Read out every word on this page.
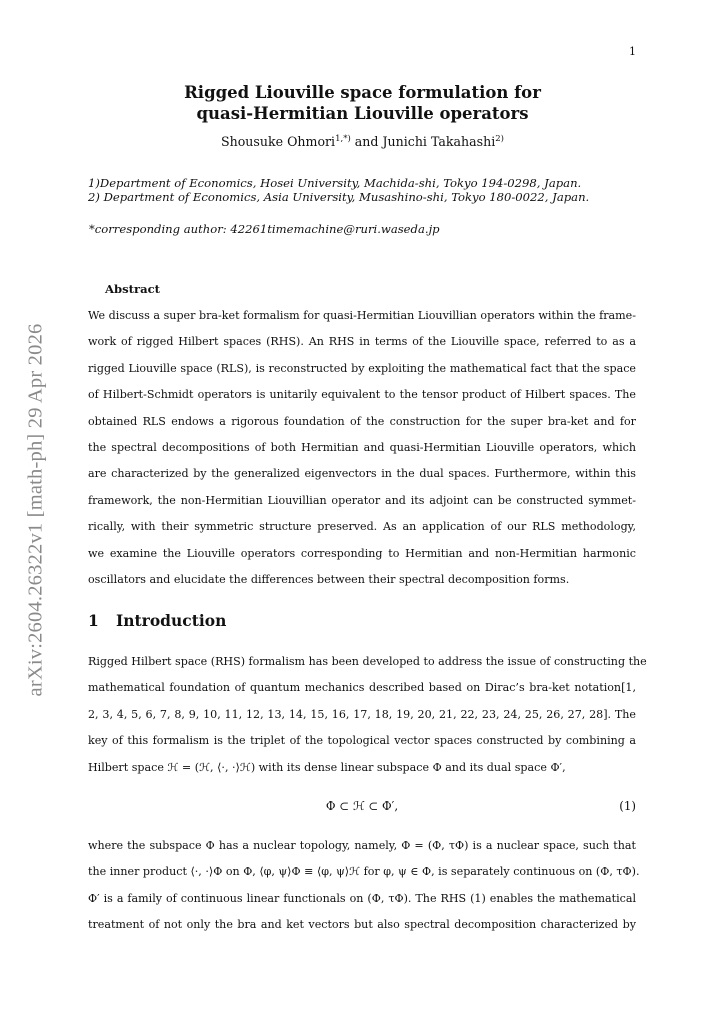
1
arXiv:2604.26322v1 [math-ph] 29 Apr 2026
Rigged Liouville space formulation for
quasi-Hermitian Liouville operators
Shousuke Ohmori$^{1,*)}$ and Junichi Takahashi$^{2)}$
1)Department of Economics, Hosei University, Machida-shi, Tokyo 194-0298, Japan.
2) Department of Economics, Asia University, Musashino-shi, Tokyo 180-0022, Japan.
*corresponding author: 42261timemachine@ruri.waseda.jp
Abstract
We discuss a super bra-ket formalism for quasi-Hermitian Liouvillian operators within the frame-
work of rigged Hilbert spaces (RHS). An RHS in terms of the Liouville space, referred to as a
rigged Liouville space (RLS), is reconstructed by exploiting the mathematical fact that the space
of Hilbert-Schmidt operators is unitarily equivalent to the tensor product of Hilbert spaces. The
obtained RLS endows a rigorous foundation of the construction for the super bra-ket and for
the spectral decompositions of both Hermitian and quasi-Hermitian Liouville operators, which
are characterized by the generalized eigenvectors in the dual spaces. Furthermore, within this
framework, the non-Hermitian Liouvillian operator and its adjoint can be constructed symmet-
rically, with their symmetric structure preserved. As an application of our RLS methodology,
we examine the Liouville operators corresponding to Hermitian and non-Hermitian harmonic
oscillators and elucidate the differences between their spectral decomposition forms.
1 Introduction
Rigged Hilbert space (RHS) formalism has been developed to address the issue of constructing the
mathematical foundation of quantum mechanics described based on Dirac’s bra-ket notation[1,
2, 3, 4, 5, 6, 7, 8, 9, 10, 11, 12, 13, 14, 15, 16, 17, 18, 19, 20, 21, 22, 23, 24, 25, 26, 27, 28]. The
key of this formalism is the triplet of the topological vector spaces constructed by combining a
Hilbert space ℋ = (ℋ, ⟨·, ·⟩ℋ) with its dense linear subspace Φ and its dual space Φ′,
Φ ⊂ ℋ ⊂ Φ′,	(1)
where the subspace Φ has a nuclear topology, namely, Φ = (Φ, τΦ) is a nuclear space, such that
the inner product ⟨·, ·⟩Φ on Φ, ⟨φ, ψ⟩Φ ≡ ⟨φ, ψ⟩ℋ for φ, ψ ∈ Φ, is separately continuous on (Φ, τΦ).
Φ′ is a family of continuous linear functionals on (Φ, τΦ). The RHS (1) enables the mathematical
treatment of not only the bra and ket vectors but also spectral decomposition characterized by
